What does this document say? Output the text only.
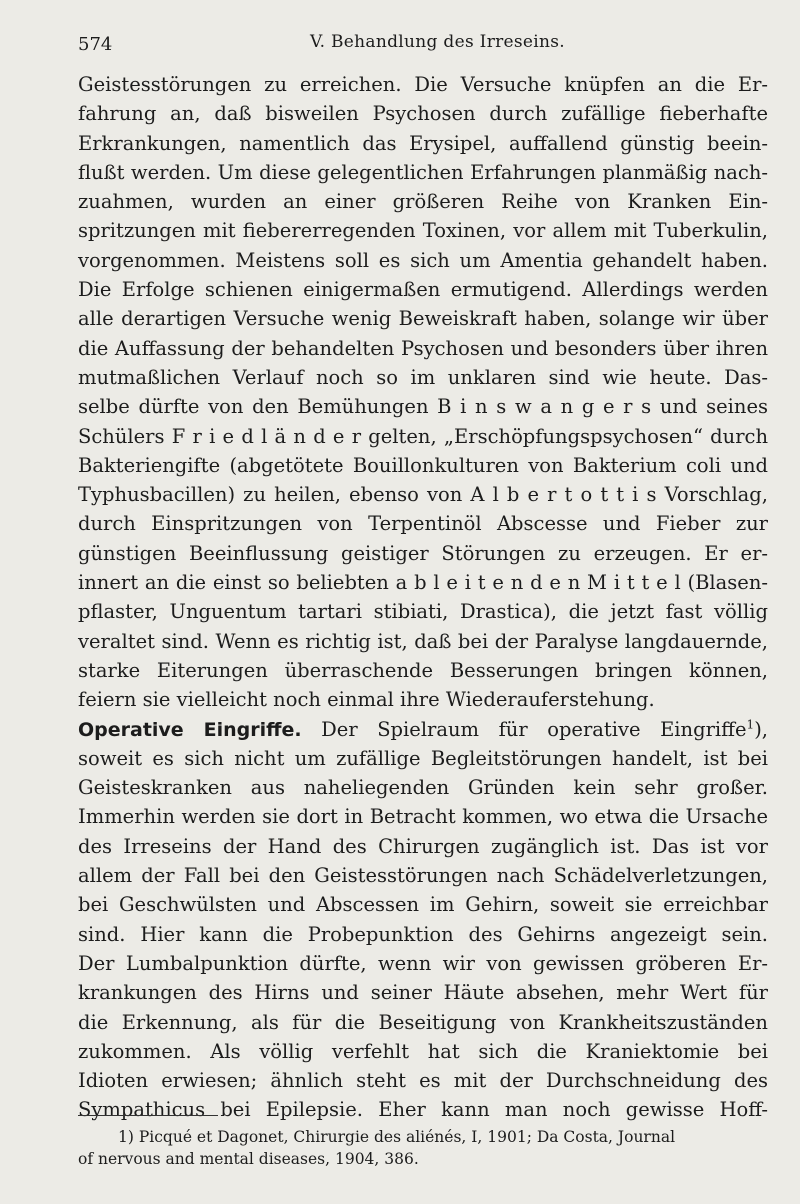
574	V. Behandlung des Irreseins.
Geistesstörungen zu erreichen. Die Versuche knüpfen an die Er-
fahrung an, daß bisweilen Psychosen durch zufällige fieberhafte
Erkrankungen, namentlich das Erysipel, auffallend günstig beein-
flußt werden. Um diese gelegentlichen Erfahrungen planmäßig nach-
zuahmen, wurden an einer größeren Reihe von Kranken Ein-
spritzungen mit fiebererregenden Toxinen, vor allem mit Tuberkulin,
vorgenommen. Meistens soll es sich um Amentia gehandelt haben.
Die Erfolge schienen einigermaßen ermutigend. Allerdings werden
alle derartigen Versuche wenig Beweiskraft haben, solange wir über
die Auffassung der behandelten Psychosen und besonders über ihren
mutmaßlichen Verlauf noch so im unklaren sind wie heute. Das-
selbe dürfte von den Bemühungen B i n s w a n g e r s und seines
Schülers F r i e d l ä n d e r gelten, „Erschöpfungspsychosen“ durch
Bakteriengifte (abgetötete Bouillonkulturen von Bakterium coli und
Typhusbacillen) zu heilen, ebenso von A l b e r t o t t i s Vorschlag,
durch Einspritzungen von Terpentinöl Abscesse und Fieber zur
günstigen Beeinflussung geistiger Störungen zu erzeugen. Er er-
innert an die einst so beliebten a b l e i t e n d e n M i t t e l (Blasen-
pflaster, Unguentum tartari stibiati, Drastica), die jetzt fast völlig
veraltet sind. Wenn es richtig ist, daß bei der Paralyse langdauernde,
starke Eiterungen überraschende Besserungen bringen können,
feiern sie vielleicht noch einmal ihre Wiederauferstehung.
Operative Eingriffe. Der Spielraum für operative Eingriffe$^1$),
soweit es sich nicht um zufällige Begleitstörungen handelt, ist bei
Geisteskranken aus naheliegenden Gründen kein sehr großer.
Immerhin werden sie dort in Betracht kommen, wo etwa die Ursache
des Irreseins der Hand des Chirurgen zugänglich ist. Das ist vor
allem der Fall bei den Geistesstörungen nach Schädelverletzungen,
bei Geschwülsten und Abscessen im Gehirn, soweit sie erreichbar
sind. Hier kann die Probepunktion des Gehirns angezeigt sein.
Der Lumbalpunktion dürfte, wenn wir von gewissen gröberen Er-
krankungen des Hirns und seiner Häute absehen, mehr Wert für
die Erkennung, als für die Beseitigung von Krankheitszuständen
zukommen. Als völlig verfehlt hat sich die Kraniektomie bei
Idioten erwiesen; ähnlich steht es mit der Durchschneidung des
Sympathicus bei Epilepsie. Eher kann man noch gewisse Hoff-
1) Picqué et Dagonet, Chirurgie des aliénés, I, 1901; Da Costa, Journal
of nervous and mental diseases, 1904, 386.
